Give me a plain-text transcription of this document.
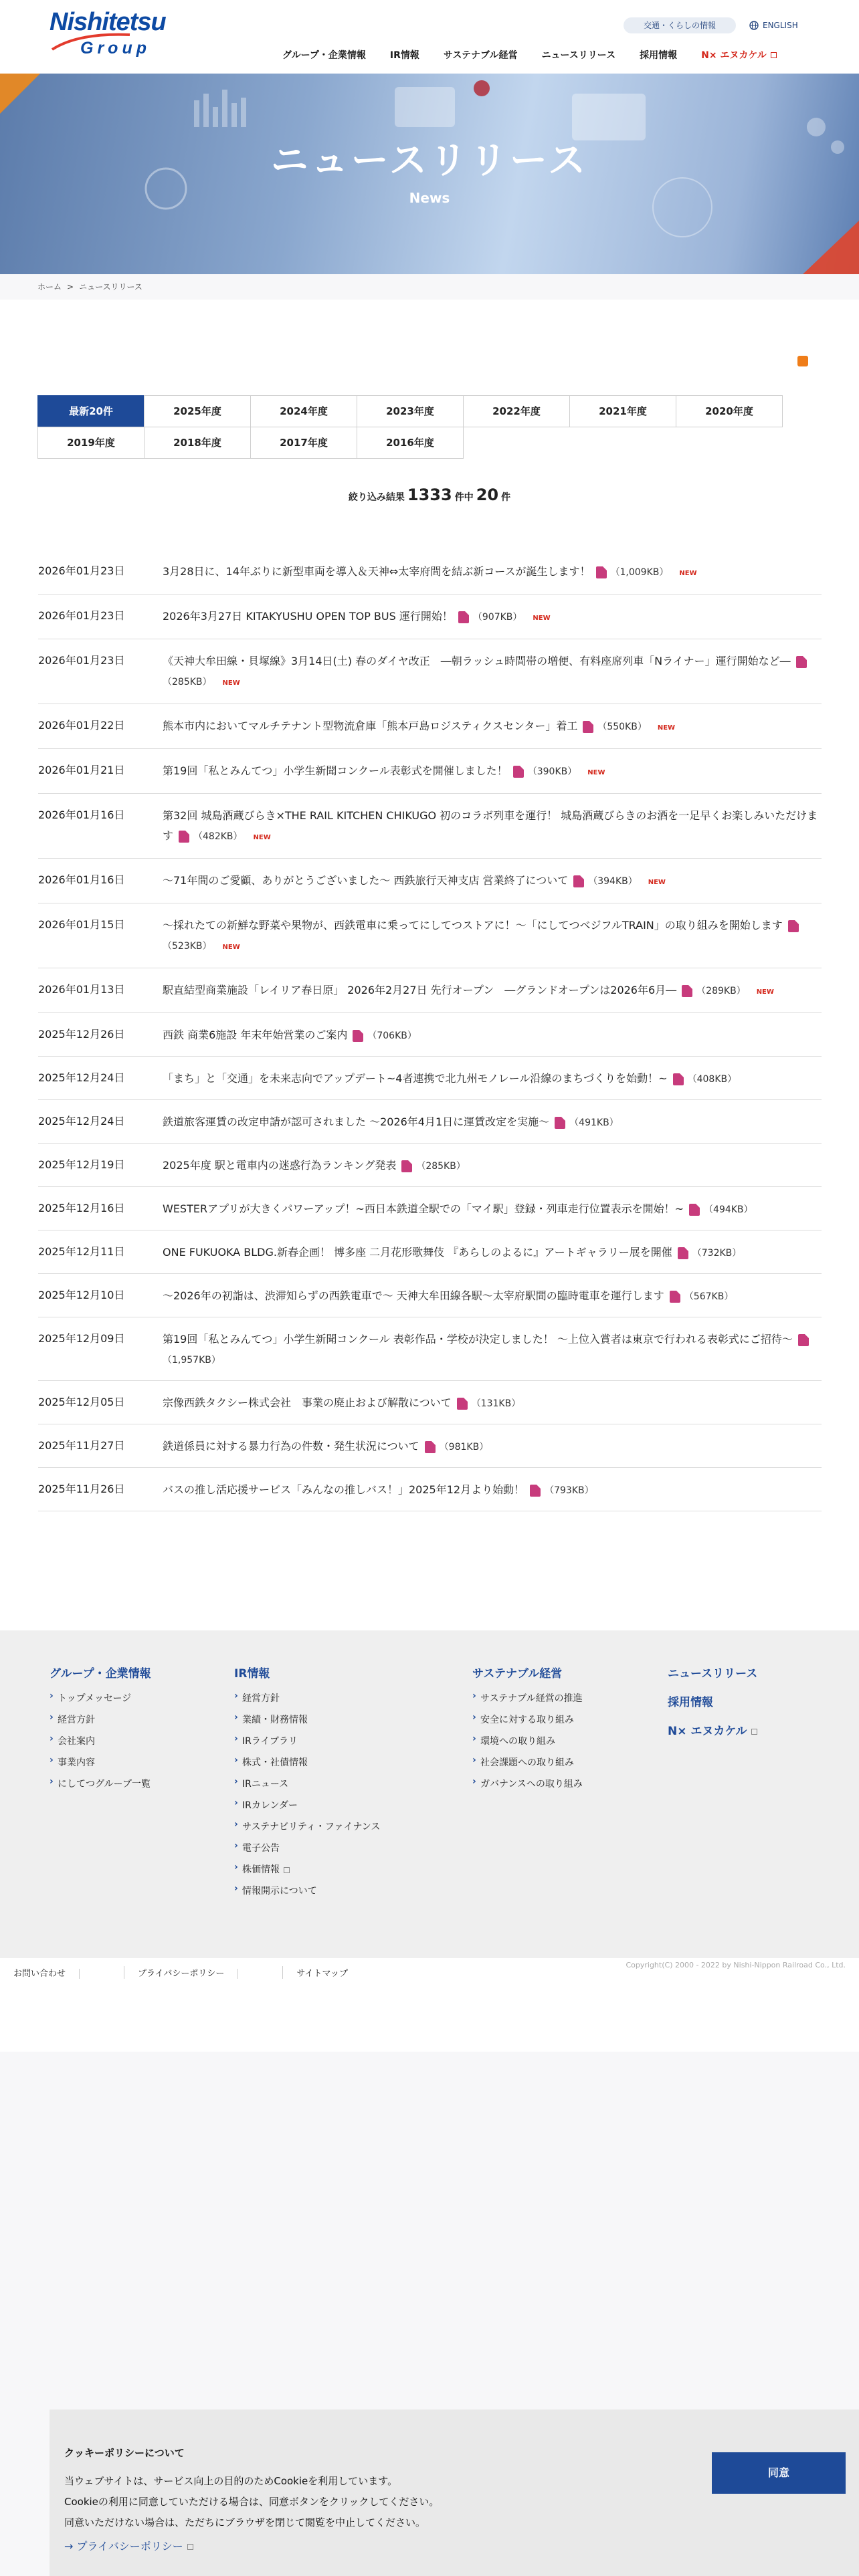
Nishitetsu
Group
交通・くらしの情報	ENGLISH
グループ・企業情報	IR情報	サステナブル経営	ニュースリリース	採用情報	N× エヌカケル
ニュースリリース
News
ホーム > ニュースリリース
最新20件	2025年度	2024年度	2023年度	2022年度	2021年度	2020年度
2019年度	2018年度	2017年度	2016年度
絞り込み結果 1333 件中 20 件
2026年01月23日	3月28日に、14年ぶりに新型車両を導入＆天神⇔太宰府間を結ぶ新コースが誕生します！ （1,009KB） NEW
2026年01月23日	2026年3月27日 KITAKYUSHU OPEN TOP BUS 運行開始！ （907KB） NEW
2026年01月23日	《天神大牟田線・貝塚線》3月14日(土) 春のダイヤ改正　―朝ラッシュ時間帯の増便、有料座席列車「Nライナー」運行開始など―（285KB） NEW
2026年01月22日	熊本市内においてマルチテナント型物流倉庫「熊本戸島ロジスティクスセンター」着工 （550KB） NEW
2026年01月21日	第19回「私とみんてつ」小学生新聞コンクール表彰式を開催しました！ （390KB） NEW
2026年01月16日	第32回 城島酒蔵びらき×THE RAIL KITCHEN CHIKUGO 初のコラボ列車を運行！ 城島酒蔵びらきのお酒を一足早くお楽しみいただけます （482KB） NEW
2026年01月16日	～71年間のご愛顧、ありがとうございました～ 西鉄旅行天神支店 営業終了について （394KB） NEW
2026年01月15日	～採れたての新鮮な野菜や果物が、西鉄電車に乗ってにしてつストアに！～「にしてつベジフルTRAIN」の取り組みを開始します（523KB） NEW
2026年01月13日	駅直結型商業施設「レイリア春日原」 2026年2月27日 先行オープン　―グランドオープンは2026年6月― （289KB） NEW
2025年12月26日	西鉄 商業6施設 年末年始営業のご案内 （706KB）
2025年12月24日	「まち」と「交通」を未来志向でアップデート~4者連携で北九州モノレール沿線のまちづくりを始動！~ （408KB）
2025年12月24日	鉄道旅客運賃の改定申請が認可されました ～2026年4月1日に運賃改定を実施～ （491KB）
2025年12月19日	2025年度 駅と電車内の迷惑行為ランキング発表 （285KB）
2025年12月16日	WESTERアプリが大きくパワーアップ！~西日本鉄道全駅での「マイ駅」登録・列車走行位置表示を開始！~ （494KB）
2025年12月11日	ONE FUKUOKA BLDG.新春企画！ 博多座 二月花形歌舞伎 『あらしのよるに』アートギャラリー展を開催 （732KB）
2025年12月10日	～2026年の初詣は、渋滞知らずの西鉄電車で～ 天神大牟田線各駅～太宰府駅間の臨時電車を運行します （567KB）
2025年12月09日	第19回「私とみんてつ」小学生新聞コンクール 表彰作品・学校が決定しました！ ～上位入賞者は東京で行われる表彰式にご招待～（1,957KB）
2025年12月05日	宗像西鉄タクシー株式会社　事業の廃止および解散について （131KB）
2025年11月27日	鉄道係員に対する暴力行為の件数・発生状況について （981KB）
2025年11月26日	バスの推し活応援サービス「みんなの推しバス！」2025年12月より始動！ （793KB）
グループ・企業情報
› トップメッセージ
› 経営方針
› 会社案内
› 事業内容
› にしてつグループ一覧
IR情報
› 経営方針
› 業績・財務情報
› IRライブラリ
› 株式・社債情報
› IRニュース
› IRカレンダー
› サステナビリティ・ファイナンス
› 電子公告
› 株価情報
› 情報開示について
サステナブル経営
› サステナブル経営の推進
› 安全に対する取り組み
› 環境への取り組み
› 社会課題への取り組み
› ガバナンスへの取り組み
ニュースリリース
採用情報
N× エヌカケル
お問い合わせ	プライバシーポリシー	サイトマップ
Copyright(C) 2000 - 2022 by Nishi-Nippon Railroad Co., Ltd.
クッキーポリシーについて
当ウェブサイトは、サービス向上の目的のためCookieを利用しています。
Cookieの利用に同意していただける場合は、同意ボタンをクリックしてください。
同意いただけない場合は、ただちにブラウザを閉じて閲覧を中止してください。
→ プライバシーポリシー
同意
